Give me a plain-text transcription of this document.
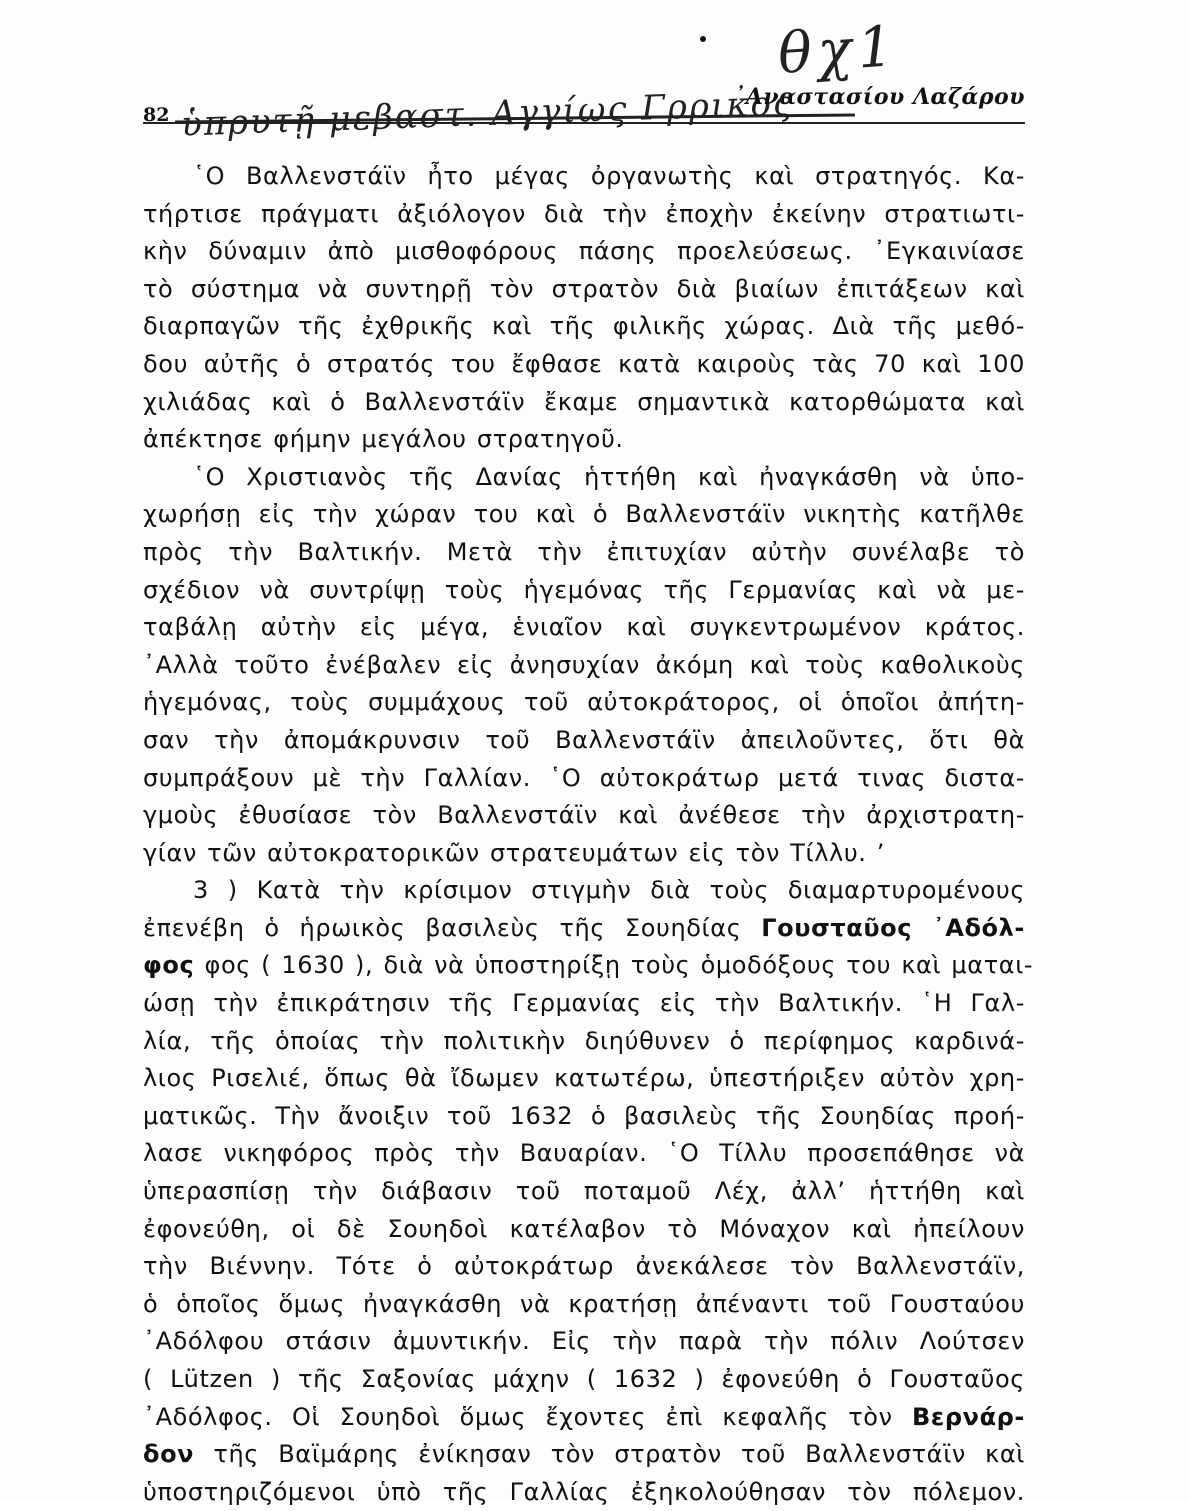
θχ1
82 ὑπρυτῇ μεβαστ. Αγγίως Γρρικος
᾿Αναστασίου Λαζάρου
῾Ο Βαλλενστάϊν ἦτο μέγας ὀργανωτὴς καὶ στρατηγός. Κα-
τήρτισε πράγματι ἀξιόλογον διὰ τὴν ἐποχὴν ἐκείνην στρατιωτι-
κὴν δύναμιν ἀπὸ μισθοφόρους πάσης προελεύσεως. ᾿Εγκαινίασε
τὸ σύστημα νὰ συντηρῇ τὸν στρατὸν διὰ βιαίων ἐπιτάξεων καὶ
διαρπαγῶν τῆς ἐχθρικῆς καὶ τῆς φιλικῆς χώρας. Διὰ τῆς μεθό-
δου αὐτῆς ὁ στρατός του ἔφθασε κατὰ καιροὺς τὰς 70 καὶ 100
χιλιάδας καὶ ὁ Βαλλενστάϊν ἔκαμε σημαντικὰ κατορθώματα καὶ
ἀπέκτησε φήμην μεγάλου στρατηγοῦ.
῾Ο Χριστιανὸς τῆς Δανίας ἡττήθη καὶ ἠναγκάσθη νὰ ὑπο-
χωρήσῃ εἰς τὴν χώραν του καὶ ὁ Βαλλενστάϊν νικητὴς κατῆλθε
πρὸς τὴν Βαλτικήν. Μετὰ τὴν ἐπιτυχίαν αὐτὴν συνέλαβε τὸ
σχέδιον νὰ συντρίψῃ τοὺς ἡγεμόνας τῆς Γερμανίας καὶ νὰ με-
ταβάλῃ αὐτὴν εἰς μέγα, ἑνιαῖον καὶ συγκεντρωμένον κράτος.
᾿Αλλὰ τοῦτο ἐνέβαλεν εἰς ἀνησυχίαν ἀκόμη καὶ τοὺς καθολικοὺς
ἡγεμόνας, τοὺς συμμάχους τοῦ αὐτοκράτορος, οἱ ὁποῖοι ἀπήτη-
σαν τὴν ἀπομάκρυνσιν τοῦ Βαλλενστάϊν ἀπειλοῦντες, ὅτι θὰ
συμπράξουν μὲ τὴν Γαλλίαν. ῾Ο αὐτοκράτωρ μετά τινας διστα-
γμοὺς ἐθυσίασε τὸν Βαλλενστάϊν καὶ ἀνέθεσε τὴν ἀρχιστρατη-
γίαν τῶν αὐτοκρατορικῶν στρατευμάτων εἰς τὸν Τίλλυ. ’
3 ) Κατὰ τὴν κρίσιμον στιγμὴν διὰ τοὺς διαμαρτυρομένους
ἐπενέβη ὁ ἡρωικὸς βασιλεὺς τῆς Σουηδίας Γουσταῦος ᾿Αδόλ-
φος φος ( 1630 ), διὰ νὰ ὑποστηρίξῃ τοὺς ὁμοδόξους του καὶ μαται-
ώσῃ τὴν ἐπικράτησιν τῆς Γερμανίας εἰς τὴν Βαλτικήν. ῾Η Γαλ-
λία, τῆς ὁποίας τὴν πολιτικὴν διηύθυνεν ὁ περίφημος καρδινά-
λιος Ρισελιέ, ὅπως θὰ ἴδωμεν κατωτέρω, ὑπεστήριξεν αὐτὸν χρη-
ματικῶς. Τὴν ἄνοιξιν τοῦ 1632 ὁ βασιλεὺς τῆς Σουηδίας προή-
λασε νικηφόρος πρὸς τὴν Βαυαρίαν. ῾Ο Τίλλυ προσεπάθησε νὰ
ὑπερασπίσῃ τὴν διάβασιν τοῦ ποταμοῦ Λέχ, ἀλλ’ ἡττήθη καὶ
ἐφονεύθη, οἱ δὲ Σουηδοὶ κατέλαβον τὸ Μόναχον καὶ ἠπείλουν
τὴν Βιέννην. Τότε ὁ αὐτοκράτωρ ἀνεκάλεσε τὸν Βαλλενστάϊν,
ὁ ὁποῖος ὅμως ἠναγκάσθη νὰ κρατήσῃ ἀπέναντι τοῦ Γουσταύου
᾿Αδόλφου στάσιν ἀμυντικήν. Εἰς τὴν παρὰ τὴν πόλιν Λούτσεν
( Lützen ) τῆς Σαξονίας μάχην ( 1632 ) ἐφονεύθη ὁ Γουσταῦος
᾿Αδόλφος. Οἱ Σουηδοὶ ὅμως ἔχοντες ἐπὶ κεφαλῆς τὸν Βερνάρ-
δον τῆς Βαϊμάρης ἐνίκησαν τὸν στρατὸν τοῦ Βαλλενστάϊν καὶ
ὑποστηριζόμενοι ὑπὸ τῆς Γαλλίας ἐξηκολούθησαν τὸν πόλεμον.
